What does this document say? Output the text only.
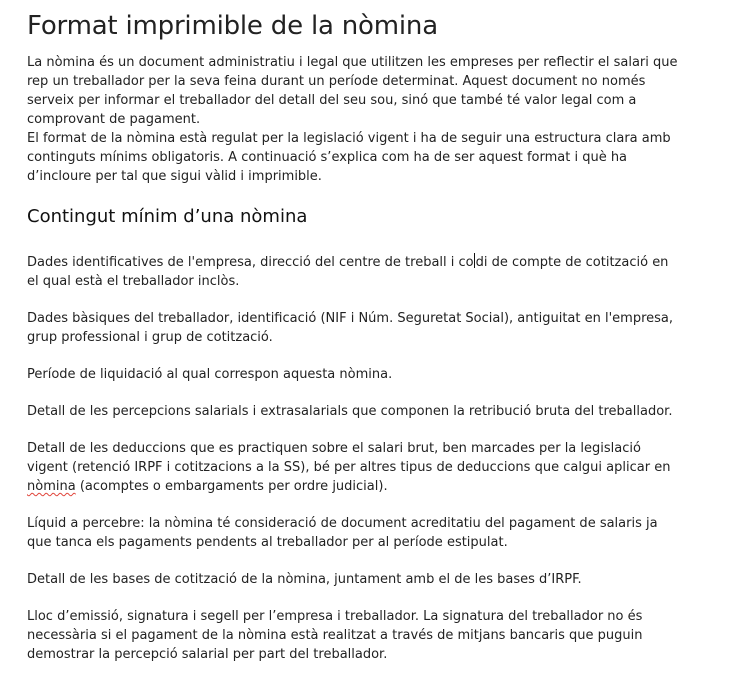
Format imprimible de la nòmina

La nòmina és un document administratiu i legal que utilitzen les empreses per reflectir el salari que rep un treballador per la seva feina durant un període determinat. Aquest document no només serveix per informar el treballador del detall del seu sou, sinó que també té valor legal com a comprovant de pagament.

El format de la nòmina està regulat per la legislació vigent i ha de seguir una estructura clara amb continguts mínims obligatoris. A continuació s’explica com ha de ser aquest format i què ha d’incloure per tal que sigui vàlid i imprimible.

Contingut mínim d’una nòmina

Dades identificatives de l'empresa, direcció del centre de treball i co di de compte de cotització en el qual està el treballador inclòs.

Dades bàsiques del treballador, identificació (NIF i Núm. Seguretat Social), antiguitat en l'empresa, grup professional i grup de cotització.

Període de liquidació al qual correspon aquesta nòmina.

Detall de les percepcions salarials i extrasalarials que componen la retribució bruta del treballador.

Detall de les deduccions que es practiquen sobre el salari brut, ben marcades per la legislació vigent (retenció IRPF i cotitzacions a la SS), bé per altres tipus de deduccions que calgui aplicar en nòmina (acomptes o embargaments per ordre judicial).

Líquid a percebre: la nòmina té consideració de document acreditatiu del pagament de salaris ja que tanca els pagaments pendents al treballador per al període estipulat.

Detall de les bases de cotització de la nòmina, juntament amb el de les bases d’IRPF.

Lloc d’emissió, signatura i segell per l’empresa i treballador. La signatura del treballador no és necessària si el pagament de la nòmina està realitzat a través de mitjans bancaris que puguin demostrar la percepció salarial per part del treballador.
